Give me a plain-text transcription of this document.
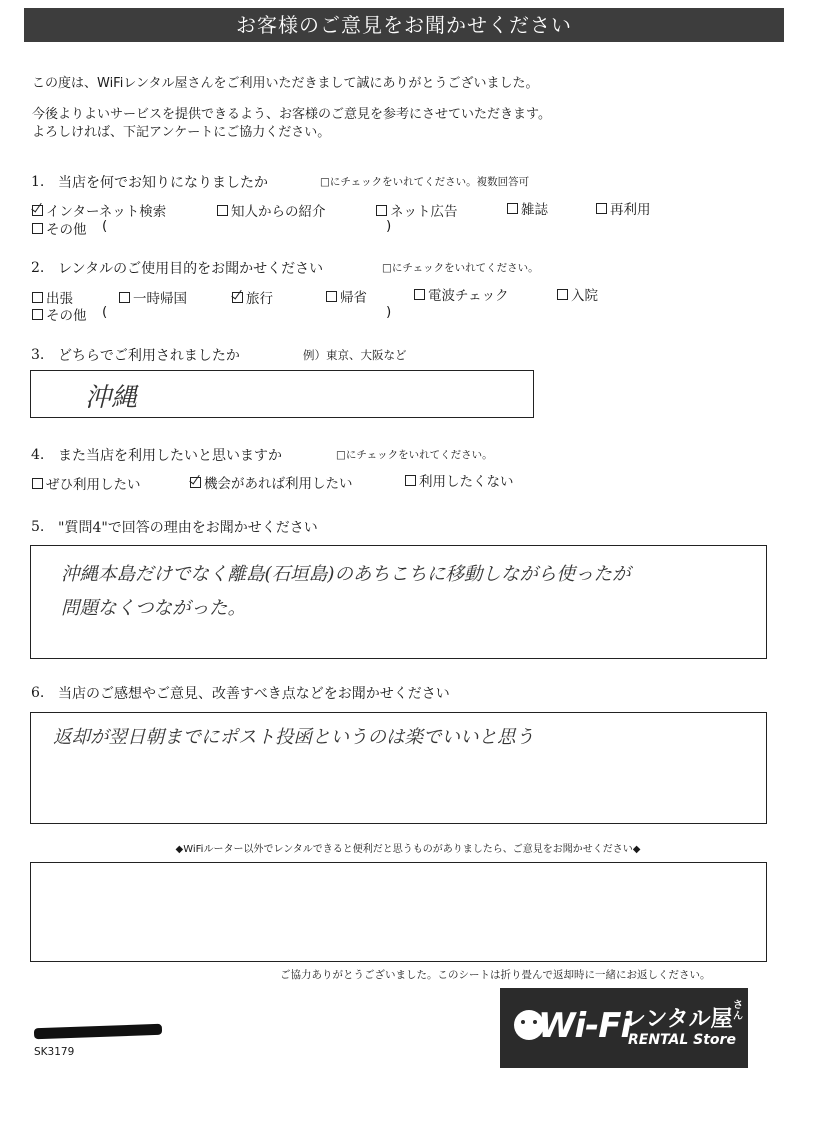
お客様のご意見をお聞かせください
この度は、WiFiレンタル屋さんをご利用いただきまして誠にありがとうございました。
今後よりよいサービスを提供できるよう、お客様のご意見を参考にさせていただきます。
よろしければ、下記アンケートにご協力ください。
1. 当店を何でお知りになりましたか	□にチェックをいれてください。複数回答可
インターネット検索	知人からの紹介	ネット広告	雑誌	再利用
その他 (	)
2. レンタルのご使用目的をお聞かせください	□にチェックをいれてください。
出張	一時帰国	旅行	帰省	電波チェック	入院
その他 (	)
3. どちらでご利用されましたか	例）東京、大阪など
沖縄
4. また当店を利用したいと思いますか	□にチェックをいれてください。
ぜひ利用したい	機会があれば利用したい	利用したくない
5. "質問4"で回答の理由をお聞かせください
沖縄本島だけでなく離島(石垣島)のあちこちに移動しながら使ったが
問題なくつながった。
6. 当店のご感想やご意見、改善すべき点などをお聞かせください
返却が翌日朝までにポスト投函というのは楽でいいと思う
◆WiFiルーター以外でレンタルできると便利だと思うものがありましたら、ご意見をお聞かせください◆
ご協力ありがとうございました。このシートは折り畳んで返却時に一緒にお返しください。
SK3179
Wi-Fi
レンタル屋
さん
RENTAL Store
